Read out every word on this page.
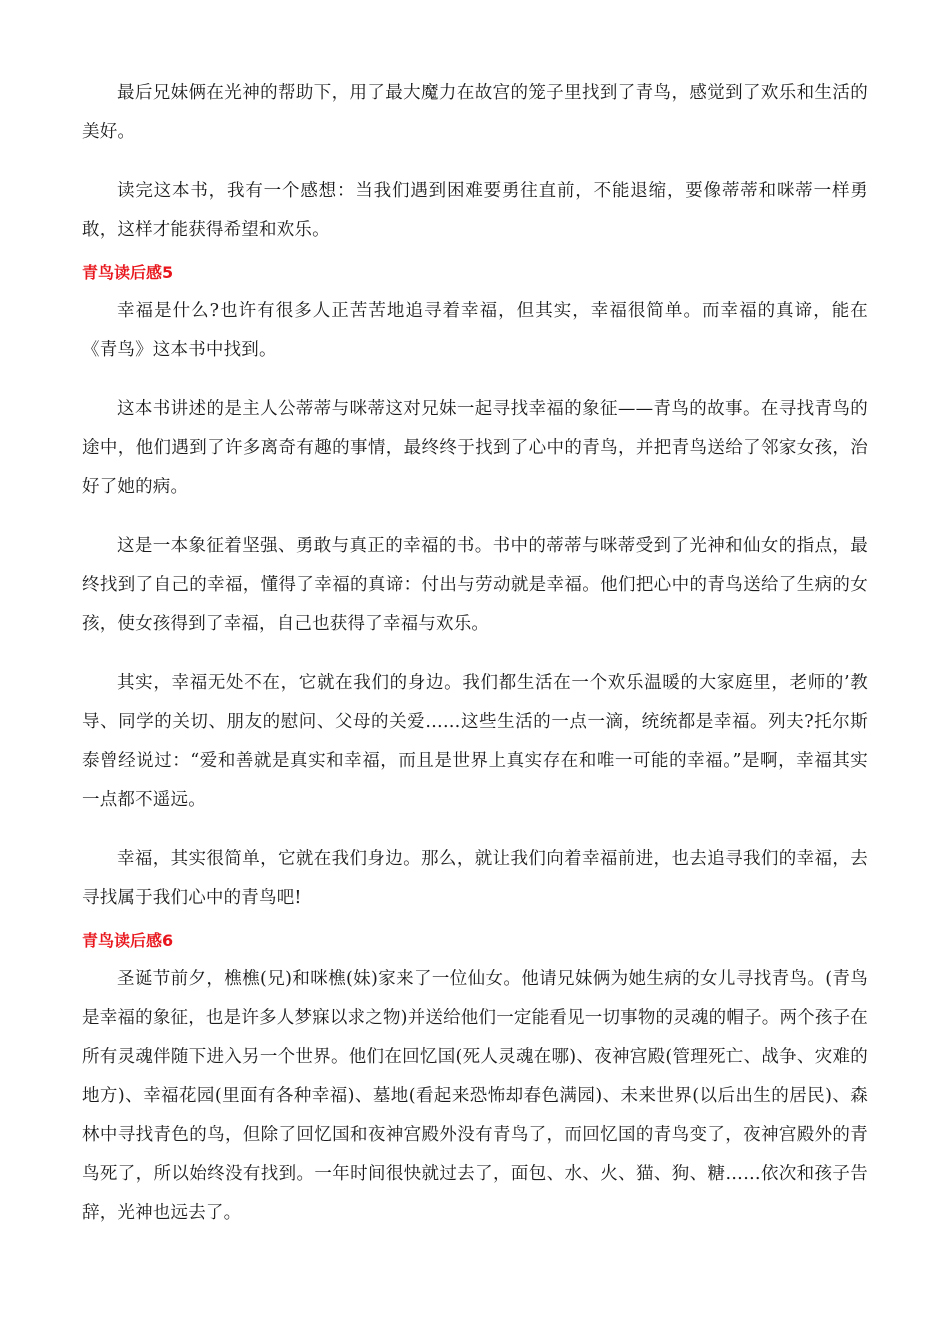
最后兄妹俩在光神的帮助下，用了最大魔力在故宫的笼子里找到了青鸟，感觉到了欢乐和生活的美好。

读完这本书，我有一个感想：当我们遇到困难要勇往直前，不能退缩，要像蒂蒂和咪蒂一样勇敢，这样才能获得希望和欢乐。

青鸟读后感5

幸福是什么?也许有很多人正苦苦地追寻着幸福，但其实，幸福很简单。而幸福的真谛，能在《青鸟》这本书中找到。

这本书讲述的是主人公蒂蒂与咪蒂这对兄妹一起寻找幸福的象征——青鸟的故事。在寻找青鸟的途中，他们遇到了许多离奇有趣的事情，最终终于找到了心中的青鸟，并把青鸟送给了邻家女孩，治好了她的病。

这是一本象征着坚强、勇敢与真正的幸福的书。书中的蒂蒂与咪蒂受到了光神和仙女的指点，最终找到了自己的幸福，懂得了幸福的真谛：付出与劳动就是幸福。他们把心中的青鸟送给了生病的女孩，使女孩得到了幸福，自己也获得了幸福与欢乐。

其实，幸福无处不在，它就在我们的身边。我们都生活在一个欢乐温暖的大家庭里，老师的’教导、同学的关切、朋友的慰问、父母的关爱……这些生活的一点一滴，统统都是幸福。列夫?托尔斯泰曾经说过：“爱和善就是真实和幸福，而且是世界上真实存在和唯一可能的幸福。”是啊，幸福其实一点都不遥远。

幸福，其实很简单，它就在我们身边。那么，就让我们向着幸福前进，也去追寻我们的幸福，去寻找属于我们心中的青鸟吧!

青鸟读后感6

圣诞节前夕，樵樵(兄)和咪樵(妹)家来了一位仙女。他请兄妹俩为她生病的女儿寻找青鸟。(青鸟是幸福的象征，也是许多人梦寐以求之物)并送给他们一定能看见一切事物的灵魂的帽子。两个孩子在所有灵魂伴随下进入另一个世界。他们在回忆国(死人灵魂在哪)、夜神宫殿(管理死亡、战争、灾难的地方)、幸福花园(里面有各种幸福)、墓地(看起来恐怖却春色满园)、未来世界(以后出生的居民)、森林中寻找青色的鸟，但除了回忆国和夜神宫殿外没有青鸟了，而回忆国的青鸟变了，夜神宫殿外的青鸟死了，所以始终没有找到。一年时间很快就过去了，面包、水、火、猫、狗、糖……依次和孩子告辞，光神也远去了。
